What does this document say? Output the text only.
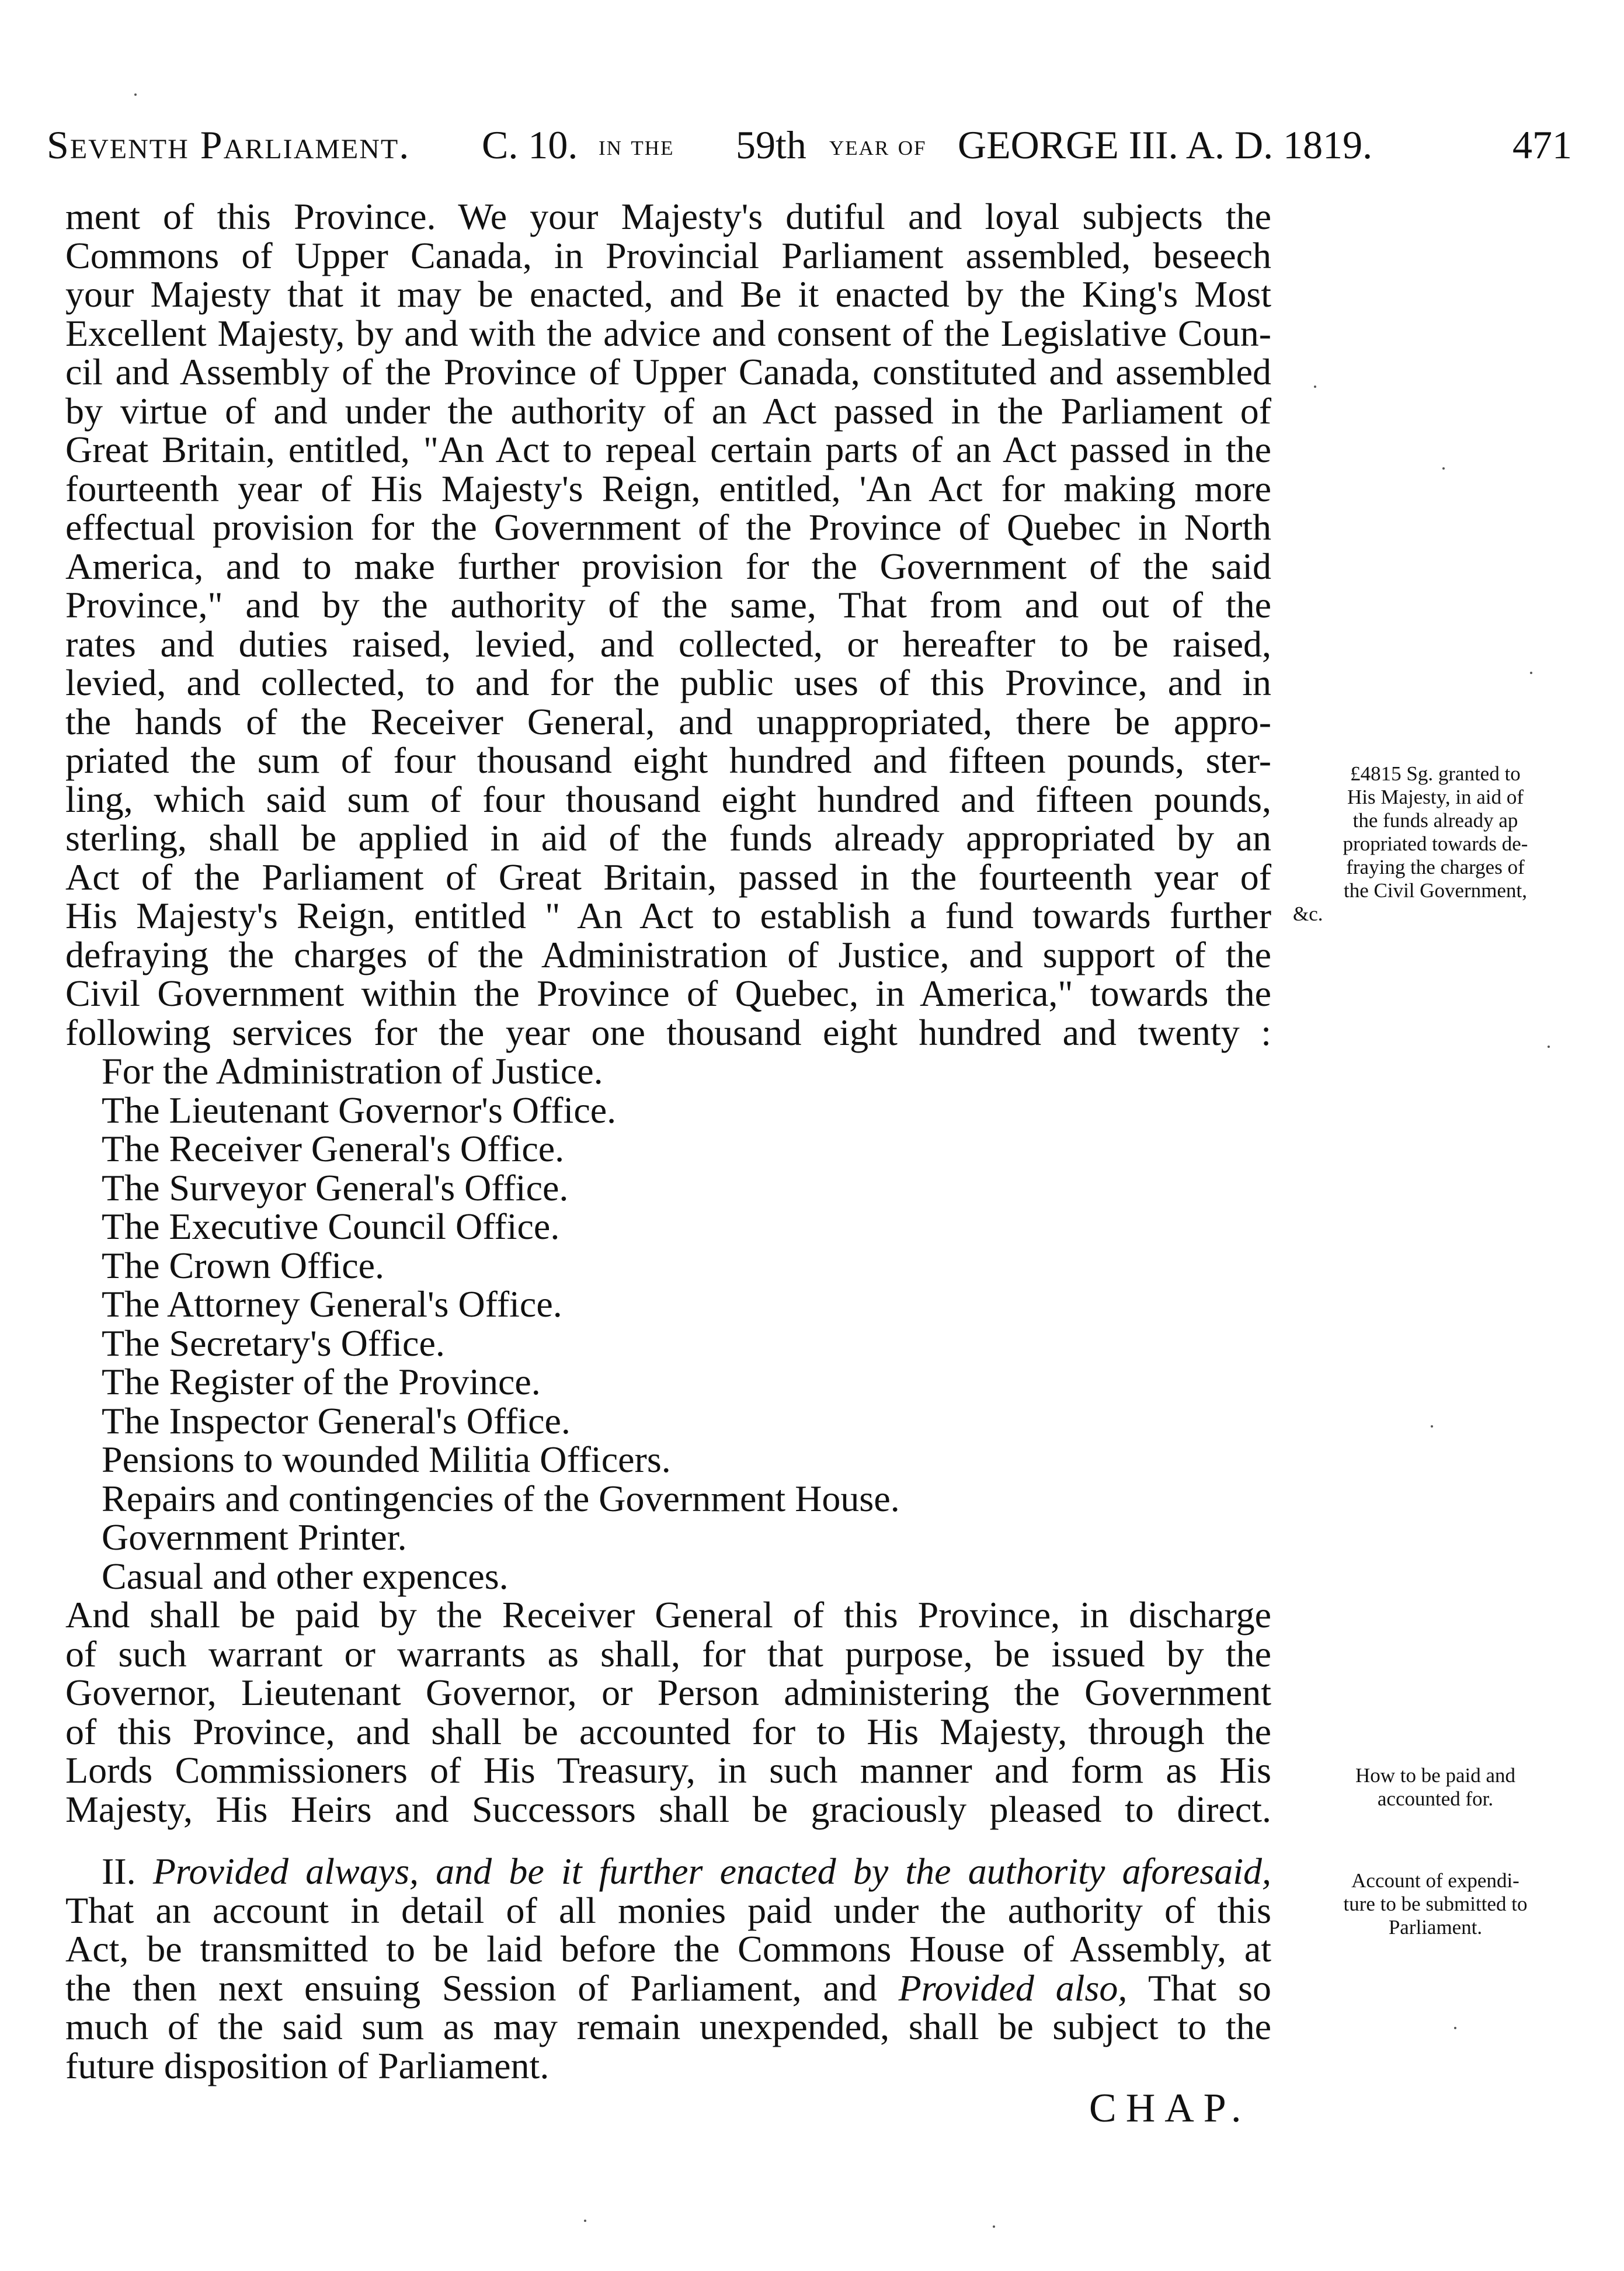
Seventh Parliament. C. 10. in the 59th year of GEORGE III. A. D. 1819.	471
ment of this Province. We your Majesty's dutiful and loyal subjects the
Commons of Upper Canada, in Provincial Parliament assembled, beseech
your Majesty that it may be enacted, and Be it enacted by the King's Most
Excellent Majesty, by and with the advice and consent of the Legislative Coun-
cil and Assembly of the Province of Upper Canada, constituted and assembled
by virtue of and under the authority of an Act passed in the Parliament of
Great Britain, entitled, "An Act to repeal certain parts of an Act passed in the
fourteenth year of His Majesty's Reign, entitled, 'An Act for making more
effectual provision for the Government of the Province of Quebec in North
America, and to make further provision for the Government of the said
Province," and by the authority of the same, That from and out of the
rates and duties raised, levied, and collected, or hereafter to be raised,
levied, and collected, to and for the public uses of this Province, and in
the hands of the Receiver General, and unappropriated, there be appro-
priated the sum of four thousand eight hundred and fifteen pounds, ster-
ling, which said sum of four thousand eight hundred and fifteen pounds,
sterling, shall be applied in aid of the funds already appropriated by an
Act of the Parliament of Great Britain, passed in the fourteenth year of
His Majesty's Reign, entitled " An Act to establish a fund towards further
defraying the charges of the Administration of Justice, and support of the
Civil Government within the Province of Quebec, in America," towards the
following services for the year one thousand eight hundred and twenty :
For the Administration of Justice.
The Lieutenant Governor's Office.
The Receiver General's Office.
The Surveyor General's Office.
The Executive Council Office.
The Crown Office.
The Attorney General's Office.
The Secretary's Office.
The Register of the Province.
The Inspector General's Office.
Pensions to wounded Militia Officers.
Repairs and contingencies of the Government House.
Government Printer.
Casual and other expences.
And shall be paid by the Receiver General of this Province, in discharge
of such warrant or warrants as shall, for that purpose, be issued by the
Governor, Lieutenant Governor, or Person administering the Government
of this Province, and shall be accounted for to His Majesty, through the
Lords Commissioners of His Treasury, in such manner and form as His
Majesty, His Heirs and Successors shall be graciously pleased to direct.
II. Provided always, and be it further enacted by the authority aforesaid,
That an account in detail of all monies paid under the authority of this
Act, be transmitted to be laid before the Commons House of Assembly, at
the then next ensuing Session of Parliament, and Provided also, That so
much of the said sum as may remain unexpended, shall be subject to the
future disposition of Parliament.
CHAP.
£4815 Sg. granted to
His Majesty, in aid of
the funds already ap
propriated towards de-
fraying the charges of
the Civil Government,
&c.
How to be paid and
accounted for.
Account of expendi-
ture to be submitted to
Parliament.
